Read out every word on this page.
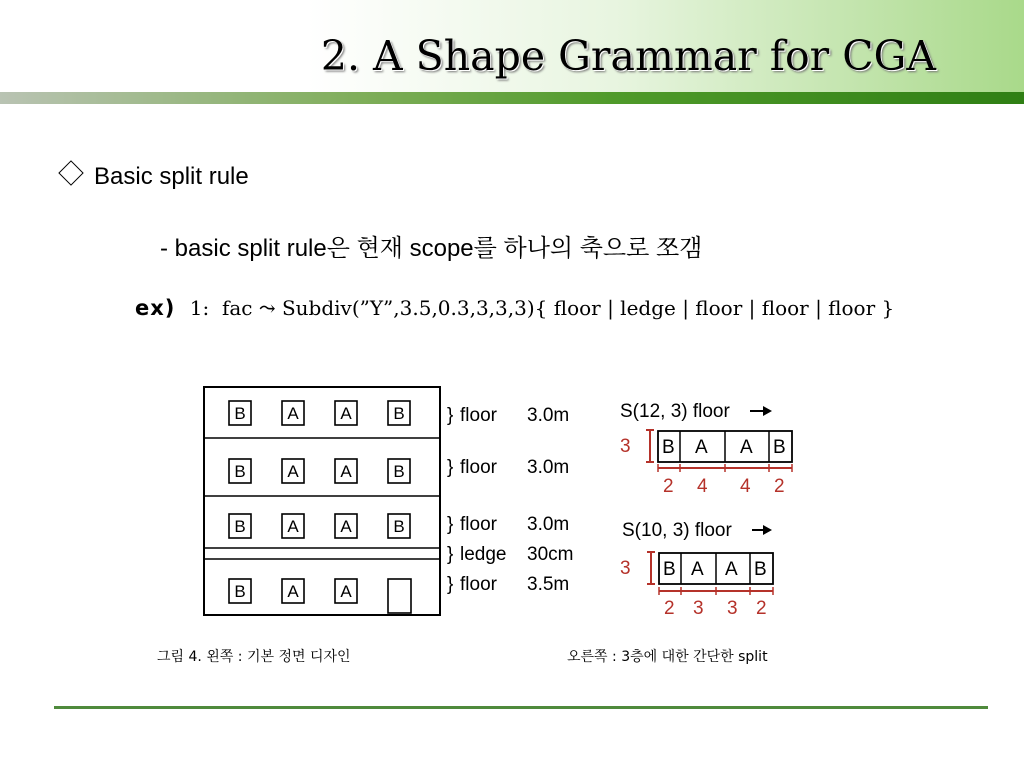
2. A Shape Grammar for CGA
Basic split rule
- basic split rule은 현재 scope를 하나의 축으로 쪼갬
ex) 1: fac ⤳ Subdiv(”Y”,3.5,0.3,3,3,3){ floor | ledge | floor | floor | floor }
B A A B
B A A B
B A A B
B A A
} floor 3.0m
} floor 3.0m
} floor 3.0m
} ledge 30cm
} floor 3.5m
S(12, 3) floor
3 B A A B
2 4 4 2
S(10, 3) floor
3 B A A B
2 3 3 2
그림 4. 왼쪽 : 기본 정면 디자인	오른쪽 : 3층에 대한 간단한 split
